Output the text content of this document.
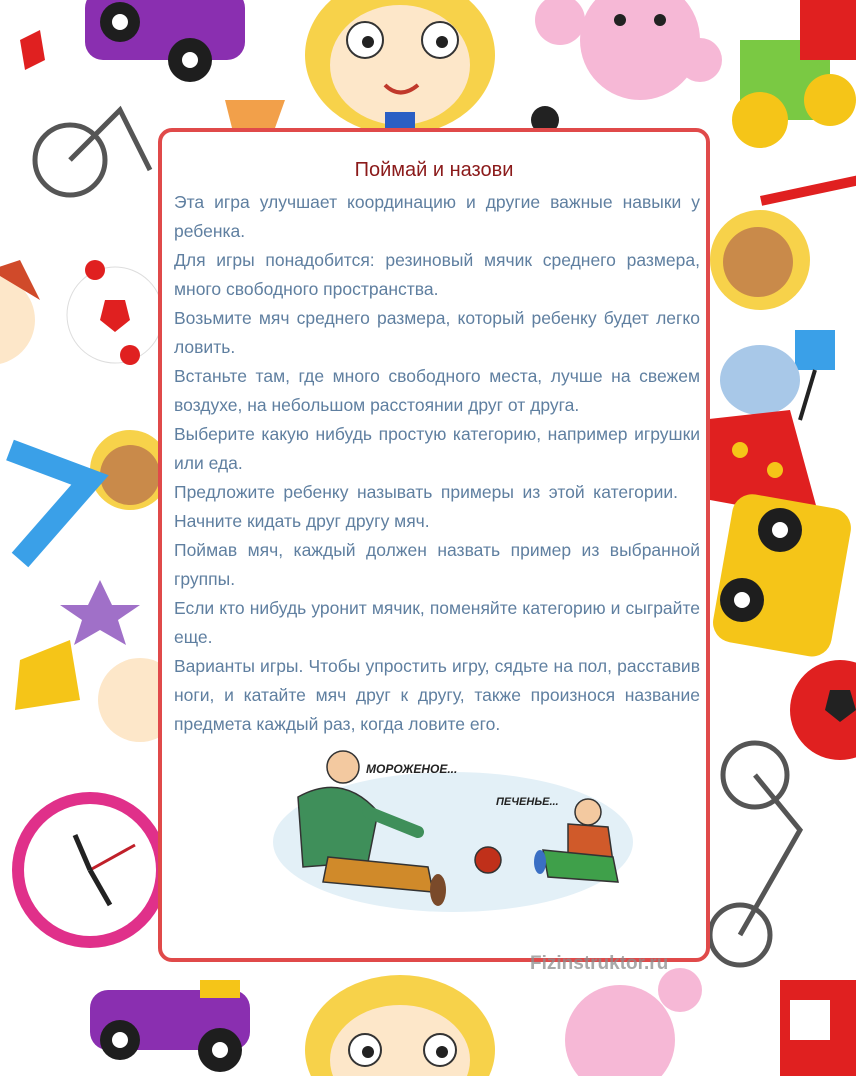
Поймай и назови

Эта игра улучшает координацию и другие важные навыки у ребенка.

Для игры понадобится: резиновый мячик среднего размера, много свободного пространства.

Возьмите мяч среднего размера, который ребенку будет легко ловить.

Встаньте там, где много свободного места, лучше на свежем воздухе, на небольшом расстоянии друг от друга.

Выберите какую нибудь простую категорию, например игрушки или еда.

Предложите ребенку называть примеры из этой категории.Начните кидать друг другу мяч.

Поймав мяч, каждый должен назвать пример из выбранной группы.

Если кто нибудь уронит мячик, поменяйте категорию и сыграйте еще.

Варианты игры. Чтобы упростить игру, сядьте на пол, расставив ноги, и катайте мяч друг к другу, также произнося название предмета каждый раз, когда ловите его.

МОРОЖЕНОЕ...
ПЕЧЕНЬЕ...
Fizinstruktor.ru
